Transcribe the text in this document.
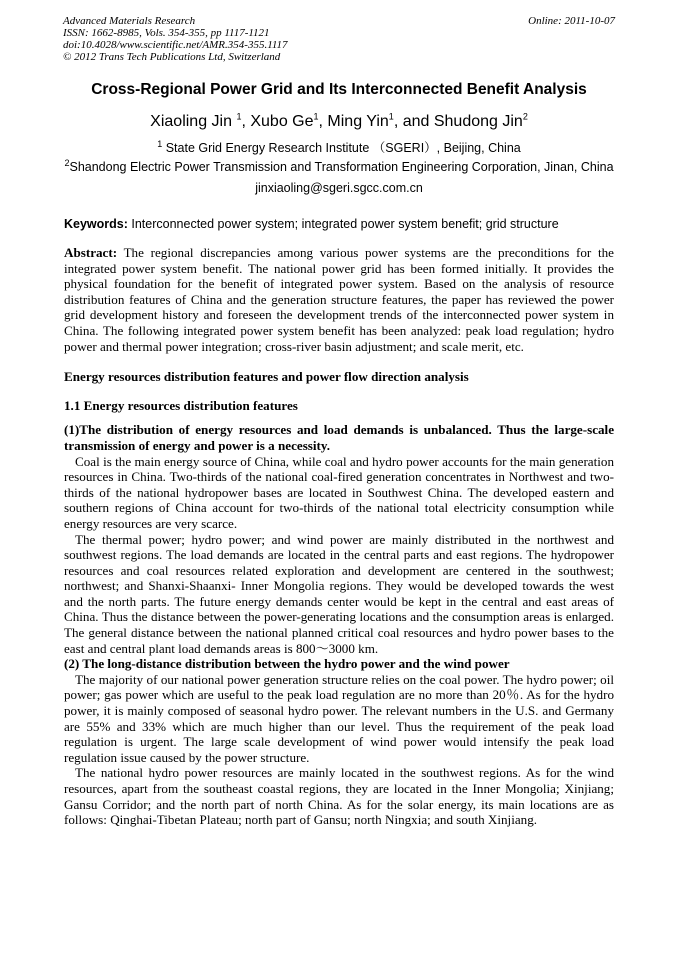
Advanced Materials Research
ISSN: 1662-8985, Vols. 354-355, pp 1117-1121
doi:10.4028/www.scientific.net/AMR.354-355.1117
© 2012 Trans Tech Publications Ltd, Switzerland
Online: 2011-10-07
Cross-Regional Power Grid and Its Interconnected Benefit Analysis
Xiaoling Jin $^1$, Xubo Ge$^1$, Ming Yin$^1$, and Shudong Jin$^2$
$^1$ State Grid Energy Research Institute （SGERI）, Beijing, China
$^2$Shandong Electric Power Transmission and Transformation Engineering Corporation, Jinan, China
jinxiaoling@sgeri.sgcc.com.cn
Keywords: Interconnected power system; integrated power system benefit; grid structure

Abstract: The regional discrepancies among various power systems are the preconditions for the integrated power system benefit. The national power grid has been formed initially. It provides the physical foundation for the benefit of integrated power system. Based on the analysis of resource distribution features of China and the generation structure features, the paper has reviewed the power grid development history and foreseen the development trends of the interconnected power system in China. The following integrated power system benefit has been analyzed: peak load regulation; hydro power and thermal power integration; cross-river basin adjustment; and scale merit, etc.

Energy resources distribution features and power flow direction analysis

1.1 Energy resources distribution features

(1)The distribution of energy resources and load demands is unbalanced. Thus the large-scale transmission of energy and power is a necessity.

Coal is the main energy source of China, while coal and hydro power accounts for the main generation resources in China. Two-thirds of the national coal-fired generation concentrates in Northwest and two-thirds of the national hydropower bases are located in Southwest China. The developed eastern and southern regions of China account for two-thirds of the national total electricity consumption while energy resources are very scarce.

The thermal power; hydro power; and wind power are mainly distributed in the northwest and southwest regions. The load demands are located in the central parts and east regions. The hydropower resources and coal resources related exploration and development are centered in the southwest; northwest; and Shanxi-Shaanxi- Inner Mongolia regions. They would be developed towards the west and the north parts. The future energy demands center would be kept in the central and east areas of China. Thus the distance between the power-generating locations and the consumption areas is enlarged. The general distance between the national planned critical coal resources and hydro power bases to the east and central plant load demands areas is 800～3000 km.

(2) The long-distance distribution between the hydro power and the wind power

The majority of our national power generation structure relies on the coal power. The hydro power; oil power; gas power which are useful to the peak load regulation are no more than 20％. As for the hydro power, it is mainly composed of seasonal hydro power. The relevant numbers in the U.S. and Germany are 55% and 33% which are much higher than our level. Thus the requirement of the peak load regulation is urgent. The large scale development of wind power would intensify the peak load regulation issue caused by the power structure.

The national hydro power resources are mainly located in the southwest regions. As for the wind resources, apart from the southeast coastal regions, they are located in the Inner Mongolia; Xinjiang; Gansu Corridor; and the north part of north China. As for the solar energy, its main locations are as follows: Qinghai-Tibetan Plateau; north part of Gansu; north Ningxia; and south Xinjiang.
